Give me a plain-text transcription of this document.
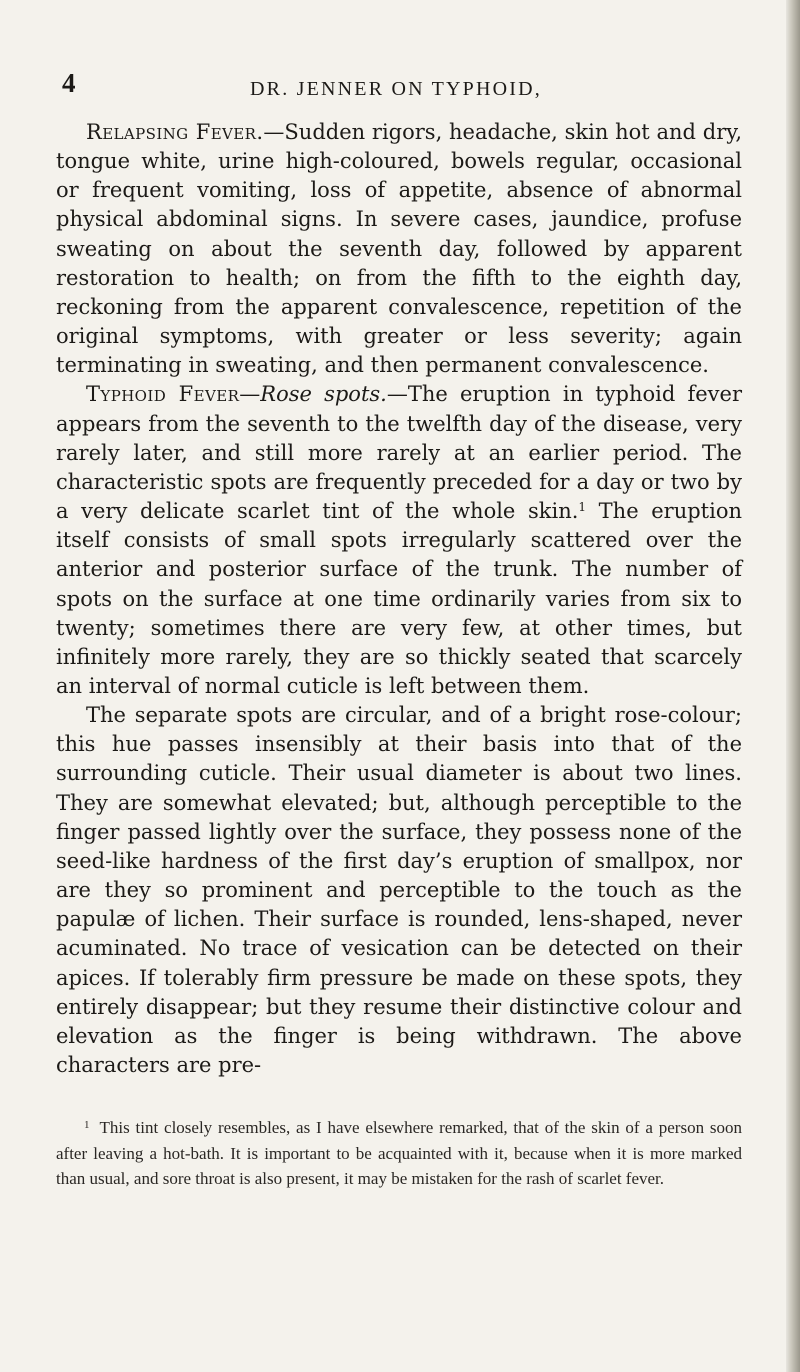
4	DR. JENNER ON TYPHOID,

Relapsing Fever.—Sudden rigors, headache, skin hot and dry, tongue white, urine high-coloured, bowels regular, occasional or frequent vomiting, loss of appetite, absence of abnormal physical abdominal signs. In severe cases, jaundice, profuse sweating on about the seventh day, followed by apparent restoration to health; on from the fifth to the eighth day, reckoning from the apparent convalescence, repetition of the original symptoms, with greater or less severity; again terminating in sweating, and then permanent convalescence.

Typhoid Fever—Rose spots.—The eruption in typhoid fever appears from the seventh to the twelfth day of the disease, very rarely later, and still more rarely at an earlier period. The characteristic spots are frequently preceded for a day or two by a very delicate scarlet tint of the whole skin.$^1$ The eruption itself consists of small spots irregularly scattered over the anterior and posterior surface of the trunk. The number of spots on the surface at one time ordinarily varies from six to twenty; sometimes there are very few, at other times, but infinitely more rarely, they are so thickly seated that scarcely an interval of normal cuticle is left between them.

The separate spots are circular, and of a bright rose-colour; this hue passes insensibly at their basis into that of the surrounding cuticle. Their usual diameter is about two lines. They are somewhat elevated; but, although perceptible to the finger passed lightly over the surface, they possess none of the seed-like hardness of the first day’s eruption of smallpox, nor are they so prominent and perceptible to the touch as the papulæ of lichen. Their surface is rounded, lens-shaped, never acuminated. No trace of vesication can be detected on their apices. If tolerably firm pressure be made on these spots, they entirely disappear; but they resume their distinctive colour and elevation as the finger is being withdrawn. The above characters are pre-

$^1$ This tint closely resembles, as I have elsewhere remarked, that of the skin of a person soon after leaving a hot-bath. It is important to be acquainted with it, because when it is more marked than usual, and sore throat is also present, it may be mistaken for the rash of scarlet fever.
